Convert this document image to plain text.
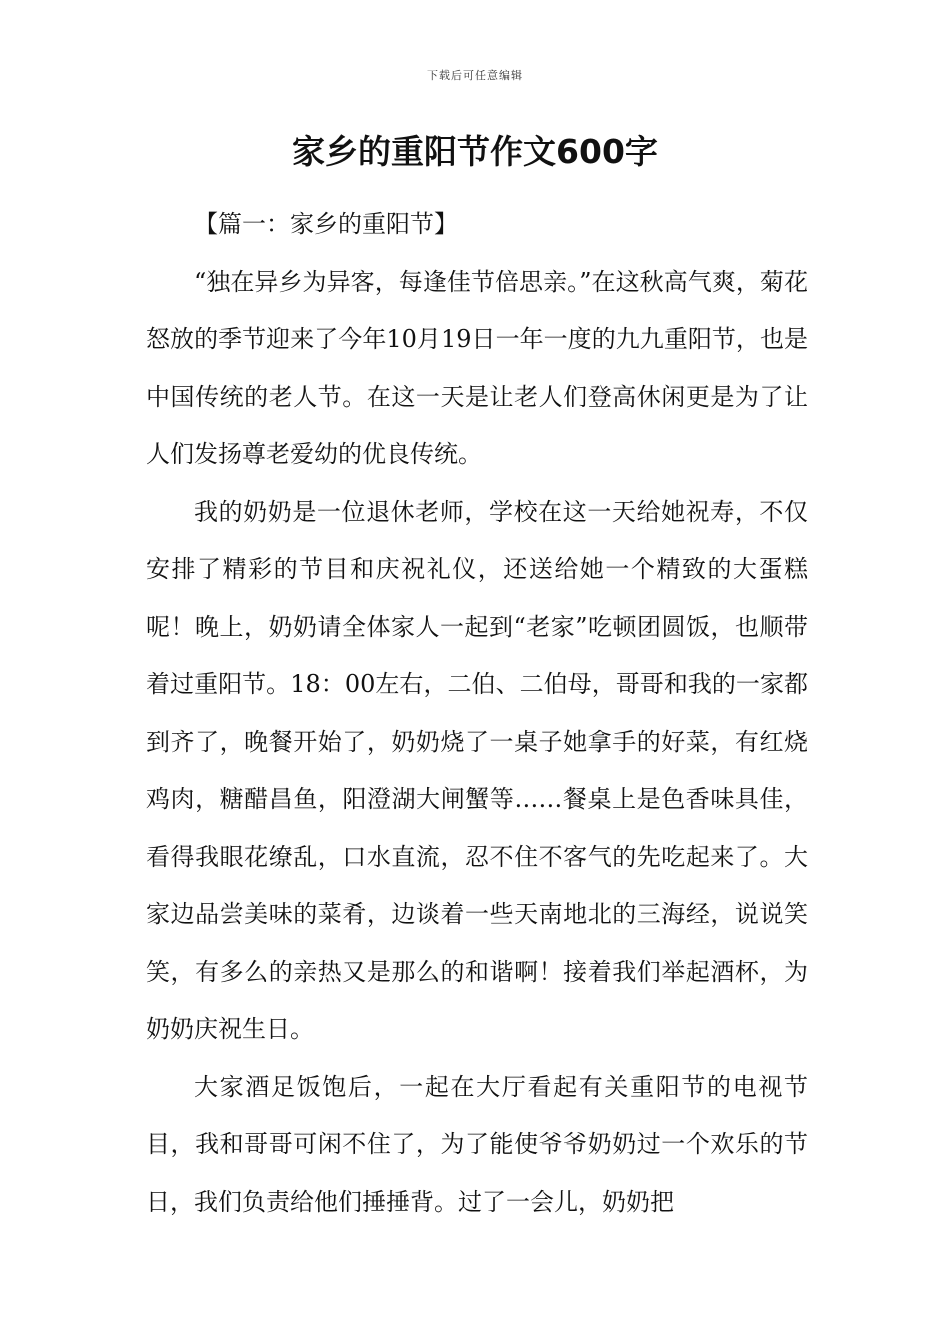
下载后可任意编辑
家乡的重阳节作文600字

【篇一：家乡的重阳节】

“独在异乡为异客，每逢佳节倍思亲。”在这秋高气爽，菊花怒放的季节迎来了今年10月19日一年一度的九九重阳节，也是中国传统的老人节。在这一天是让老人们登高休闲更是为了让人们发扬尊老爱幼的优良传统。

我的奶奶是一位退休老师，学校在这一天给她祝寿，不仅安排了精彩的节目和庆祝礼仪，还送给她一个精致的大蛋糕呢！晚上，奶奶请全体家人一起到“老家”吃顿团圆饭，也顺带着过重阳节。18：00左右，二伯、二伯母，哥哥和我的一家都到齐了，晚餐开始了，奶奶烧了一桌子她拿手的好菜，有红烧鸡肉，糖醋昌鱼，阳澄湖大闸蟹等……餐桌上是色香味具佳，看得我眼花缭乱，口水直流，忍不住不客气的先吃起来了。大家边品尝美味的菜肴，边谈着一些天南地北的三海经，说说笑笑，有多么的亲热又是那么的和谐啊！接着我们举起酒杯，为奶奶庆祝生日。

大家酒足饭饱后，一起在大厅看起有关重阳节的电视节目，我和哥哥可闲不住了，为了能使爷爷奶奶过一个欢乐的节日，我们负责给他们捶捶背。过了一会儿，奶奶把
